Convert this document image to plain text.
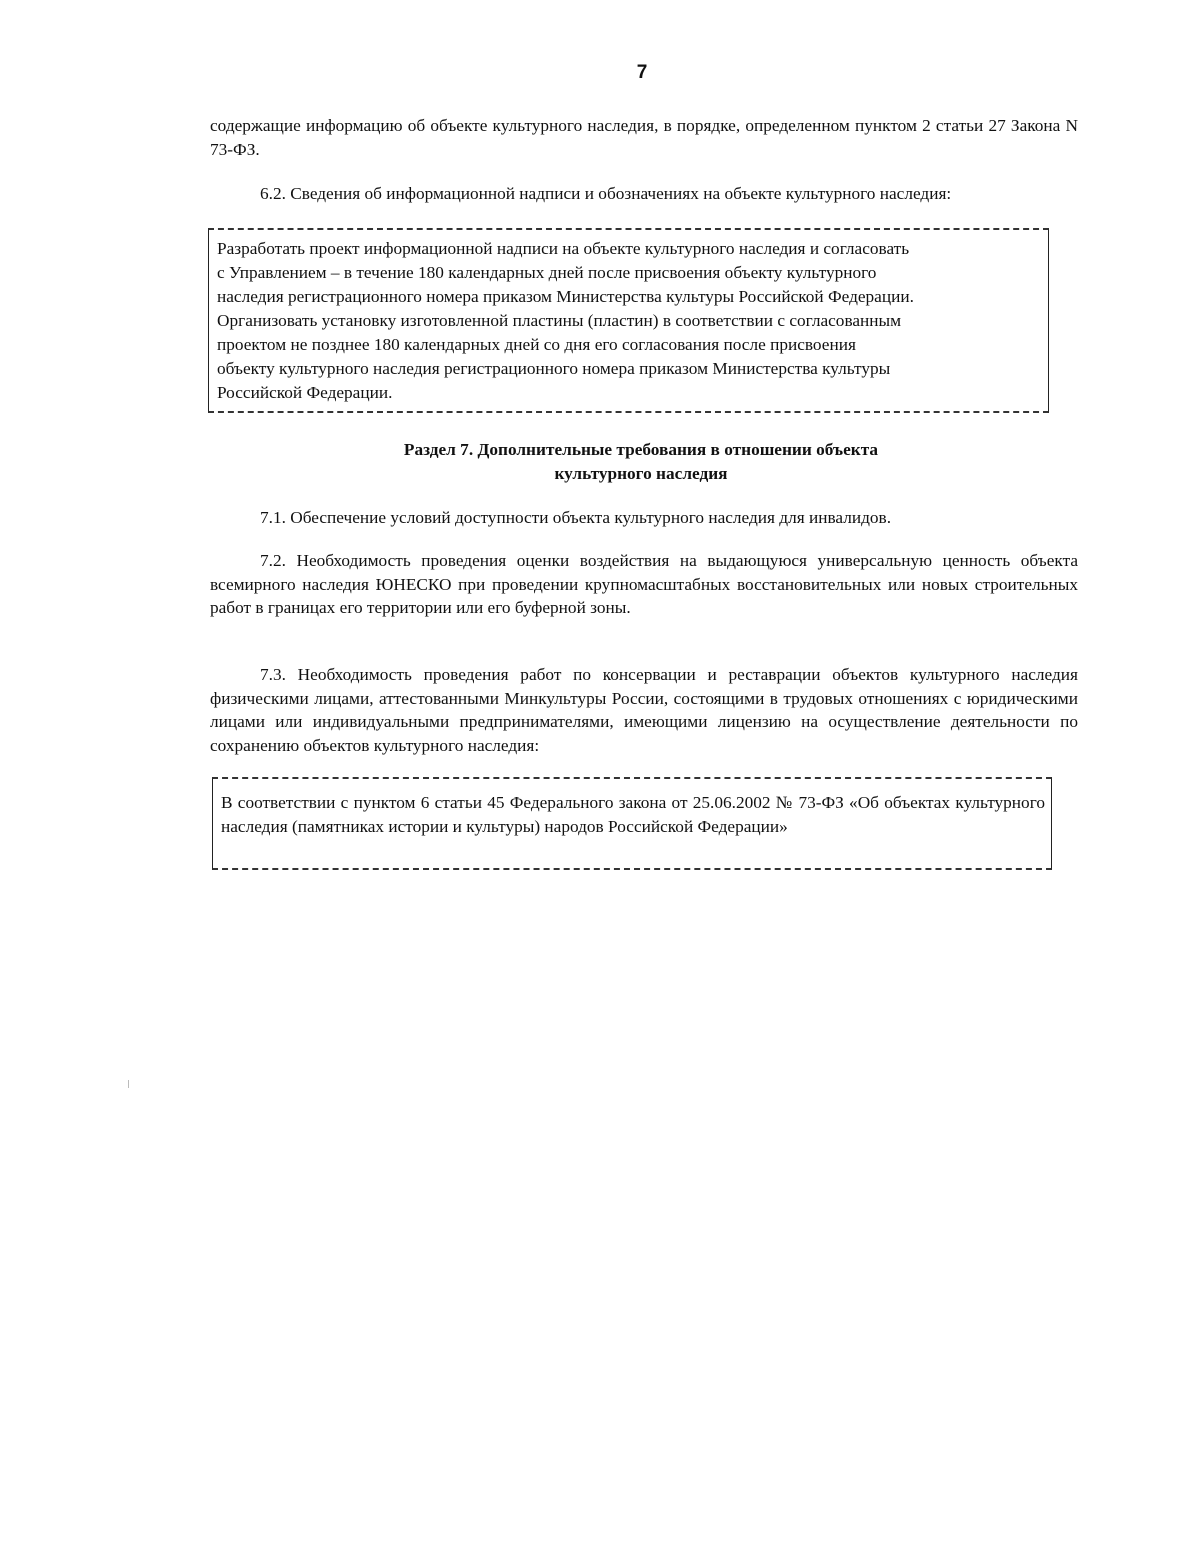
7

содержащие информацию об объекте культурного наследия, в порядке, определенном пунктом 2 статьи 27 Закона N 73-ФЗ.

6.2. Сведения об информационной надписи и обозначениях на объекте культурного наследия:

Разработать проект информационной надписи на объекте культурного наследия и согласовать

с Управлением – в течение 180 календарных дней после присвоения объекту культурного

наследия регистрационного номера приказом Министерства культуры Российской Федерации.

Организовать установку изготовленной пластины (пластин) в соответствии с согласованным

проектом не позднее 180 календарных дней со дня его согласования после присвоения

объекту культурного наследия регистрационного номера приказом Министерства культуры

Российской Федерации.

Раздел 7. Дополнительные требования в отношении объекта
культурного наследия

7.1. Обеспечение условий доступности объекта культурного наследия для инвалидов.

7.2. Необходимость проведения оценки воздействия на выдающуюся универсальную ценность объекта всемирного наследия ЮНЕСКО при проведении крупномасштабных восстановительных или новых строительных работ в границах его территории или его буферной зоны.

7.3. Необходимость проведения работ по консервации и реставрации объектов культурного наследия физическими лицами, аттестованными Минкультуры России, состоящими в трудовых отношениях с юридическими лицами или индивидуальными предпринимателями, имеющими лицензию на осуществление деятельности по сохранению объектов культурного наследия:

В соответствии с пунктом 6 статьи 45 Федерального закона от 25.06.2002 № 73-ФЗ «Об объектах культурного наследия (памятниках истории и культуры) народов Российской Федерации»
